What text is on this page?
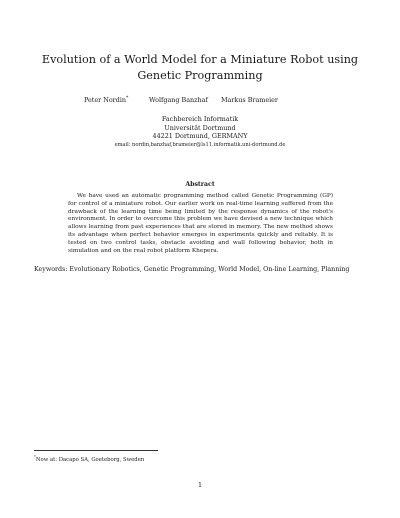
Evolution of a World Model for a Miniature Robot using
Genetic Programming
Peter Nordin*	Wolfgang Banzhaf Markus Brameier
Fachbereich Informatik
Universität Dortmund
44221 Dortmund, GERMANY
email: nordin,banzhaf,brameier@ls11.informatik.uni-dortmund.de
Abstract
We have used an automatic programming method called Genetic Programming (GP) for control of a miniature robot. Our earlier work on real-time learning suffered from the drawback of the learning time being limited by the response dynamics of the robot's environment. In order to overcome this problem we have devised a new technique which allows learning from past experiences that are stored in memory. The new method shows its advantage when perfect behavior emerges in experiments quickly and reliably. It is tested on two control tasks, obstacle avoiding and wall following behavior, both in simulation and on the real robot platform Khepera.
Keywords: Evolutionary Robotics, Genetic Programming, World Model, On-line Learning, Planning
*Now at: Dacapo SA, Goeteborg, Sweden
1
